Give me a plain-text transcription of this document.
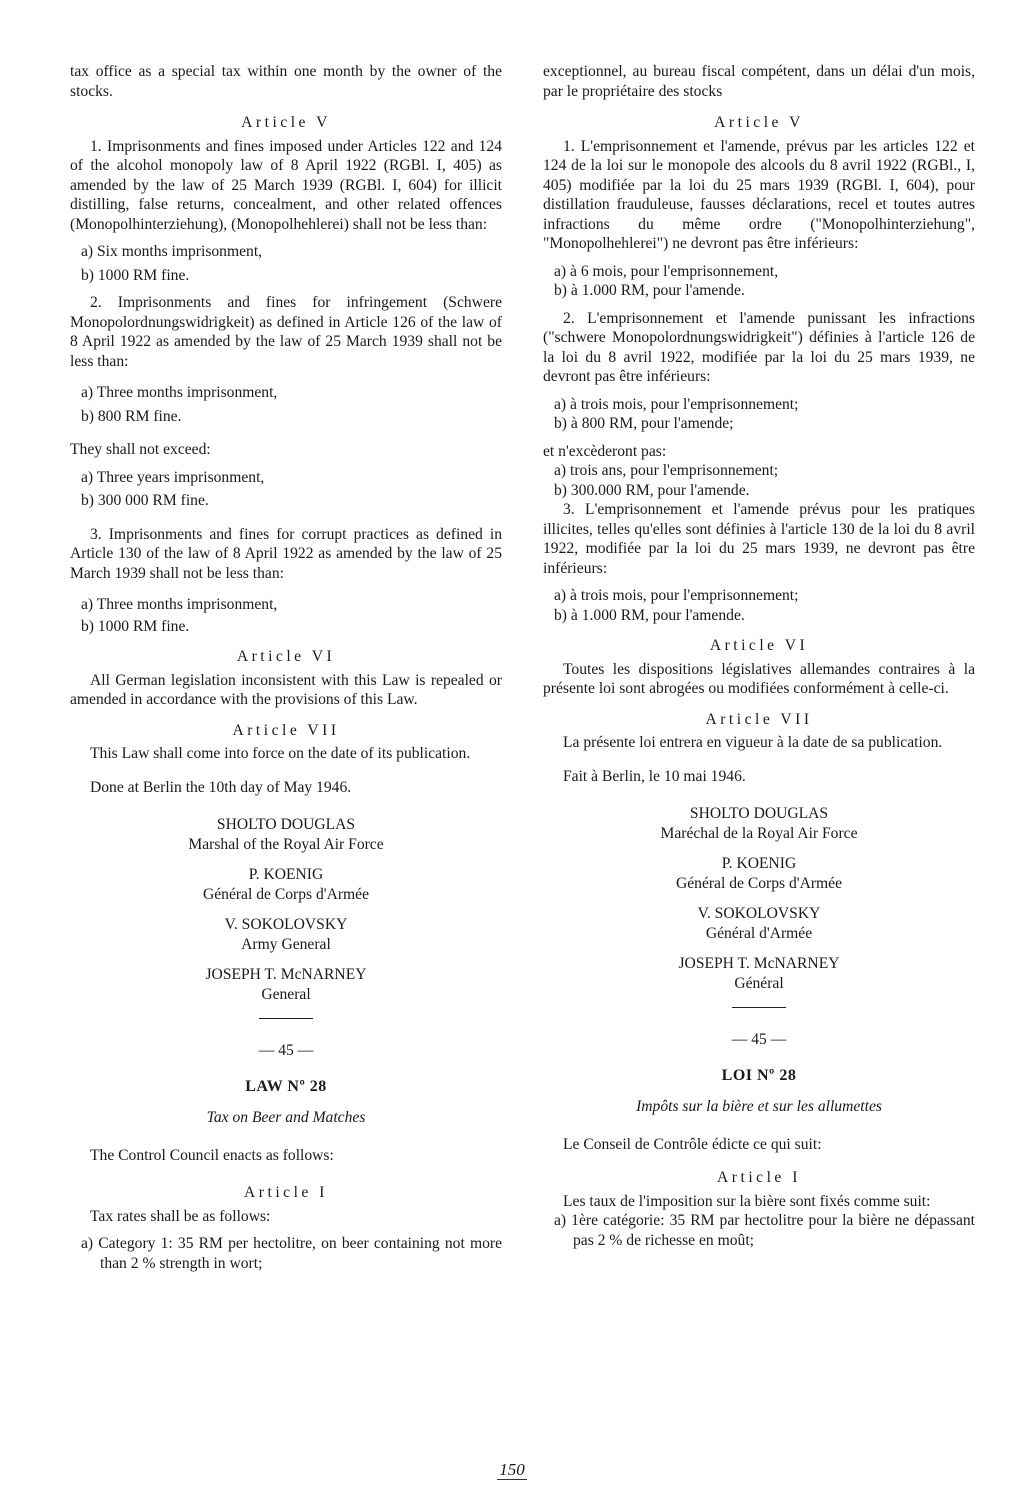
tax office as a special tax within one month by the owner of the stocks.

Article V

1. Imprisonments and fines imposed under Articles 122 and 124 of the alcohol monopoly law of 8 April 1922 (RGBl. I, 405) as amended by the law of 25 March 1939 (RGBl. I, 604) for illicit distilling, false returns, concealment, and other related offences (Monopolhinterziehung), (Monopolhehlerei) shall not be less than:

a) Six months imprisonment,

b) 1000 RM fine.

2. Imprisonments and fines for infringement (Schwere Monopolordnungswidrigkeit) as defined in Article 126 of the law of 8 April 1922 as amended by the law of 25 March 1939 shall not be less than:

a) Three months imprisonment,

b) 800 RM fine.

They shall not exceed:

a) Three years imprisonment,

b) 300 000 RM fine.

3. Imprisonments and fines for corrupt practices as defined in Article 130 of the law of 8 April 1922 as amended by the law of 25 March 1939 shall not be less than:

a) Three months imprisonment,

b) 1000 RM fine.

Article VI

All German legislation inconsistent with this Law is repealed or amended in accordance with the provisions of this Law.

Article VII

This Law shall come into force on the date of its publication.

Done at Berlin the 10th day of May 1946.

SHOLTO DOUGLAS
Marshal of the Royal Air Force
P. KOENIG
Général de Corps d'Armée
V. SOKOLOVSKY
Army General
JOSEPH T. McNARNEY
General
— 45 —
LAW Nº 28
Tax on Beer and Matches

The Control Council enacts as follows:

Article I

Tax rates shall be as follows:

a) Category 1: 35 RM per hectolitre, on beer containing not more than 2 % strength in wort;

exceptionnel, au bureau fiscal compétent, dans un délai d'un mois, par le propriétaire des stocks

Article V

1. L'emprisonnement et l'amende, prévus par les articles 122 et 124 de la loi sur le monopole des alcools du 8 avril 1922 (RGBl., I, 405) modifiée par la loi du 25 mars 1939 (RGBl. I, 604), pour distillation frauduleuse, fausses déclarations, recel et toutes autres infractions du même ordre ("Monopolhinterziehung", "Monopolhehlerei") ne devront pas être inférieurs:

a) à 6 mois, pour l'emprisonnement,

b) à 1.000 RM, pour l'amende.

2. L'emprisonnement et l'amende punissant les infractions ("schwere Monopolordnungswidrigkeit") définies à l'article 126 de la loi du 8 avril 1922, modifiée par la loi du 25 mars 1939, ne devront pas être inférieurs:

a) à trois mois, pour l'emprisonnement;

b) à 800 RM, pour l'amende;

et n'excèderont pas:

a) trois ans, pour l'emprisonnement;

b) 300.000 RM, pour l'amende.

3. L'emprisonnement et l'amende prévus pour les pratiques illicites, telles qu'elles sont définies à l'article 130 de la loi du 8 avril 1922, modifiée par la loi du 25 mars 1939, ne devront pas être inférieurs:

a) à trois mois, pour l'emprisonnement;

b) à 1.000 RM, pour l'amende.

Article VI

Toutes les dispositions législatives allemandes contraires à la présente loi sont abrogées ou modifiées conformément à celle-ci.

Article VII

La présente loi entrera en vigueur à la date de sa publication.

Fait à Berlin, le 10 mai 1946.

SHOLTO DOUGLAS
Maréchal de la Royal Air Force
P. KOENIG
Général de Corps d'Armée
V. SOKOLOVSKY
Général d'Armée
JOSEPH T. McNARNEY
Général
— 45 —
LOI Nº 28
Impôts sur la bière et sur les allumettes

Le Conseil de Contrôle édicte ce qui suit:

Article I

Les taux de l'imposition sur la bière sont fixés comme suit:

a) 1ère catégorie: 35 RM par hectolitre pour la bière ne dépassant pas 2 % de richesse en moût;

150
